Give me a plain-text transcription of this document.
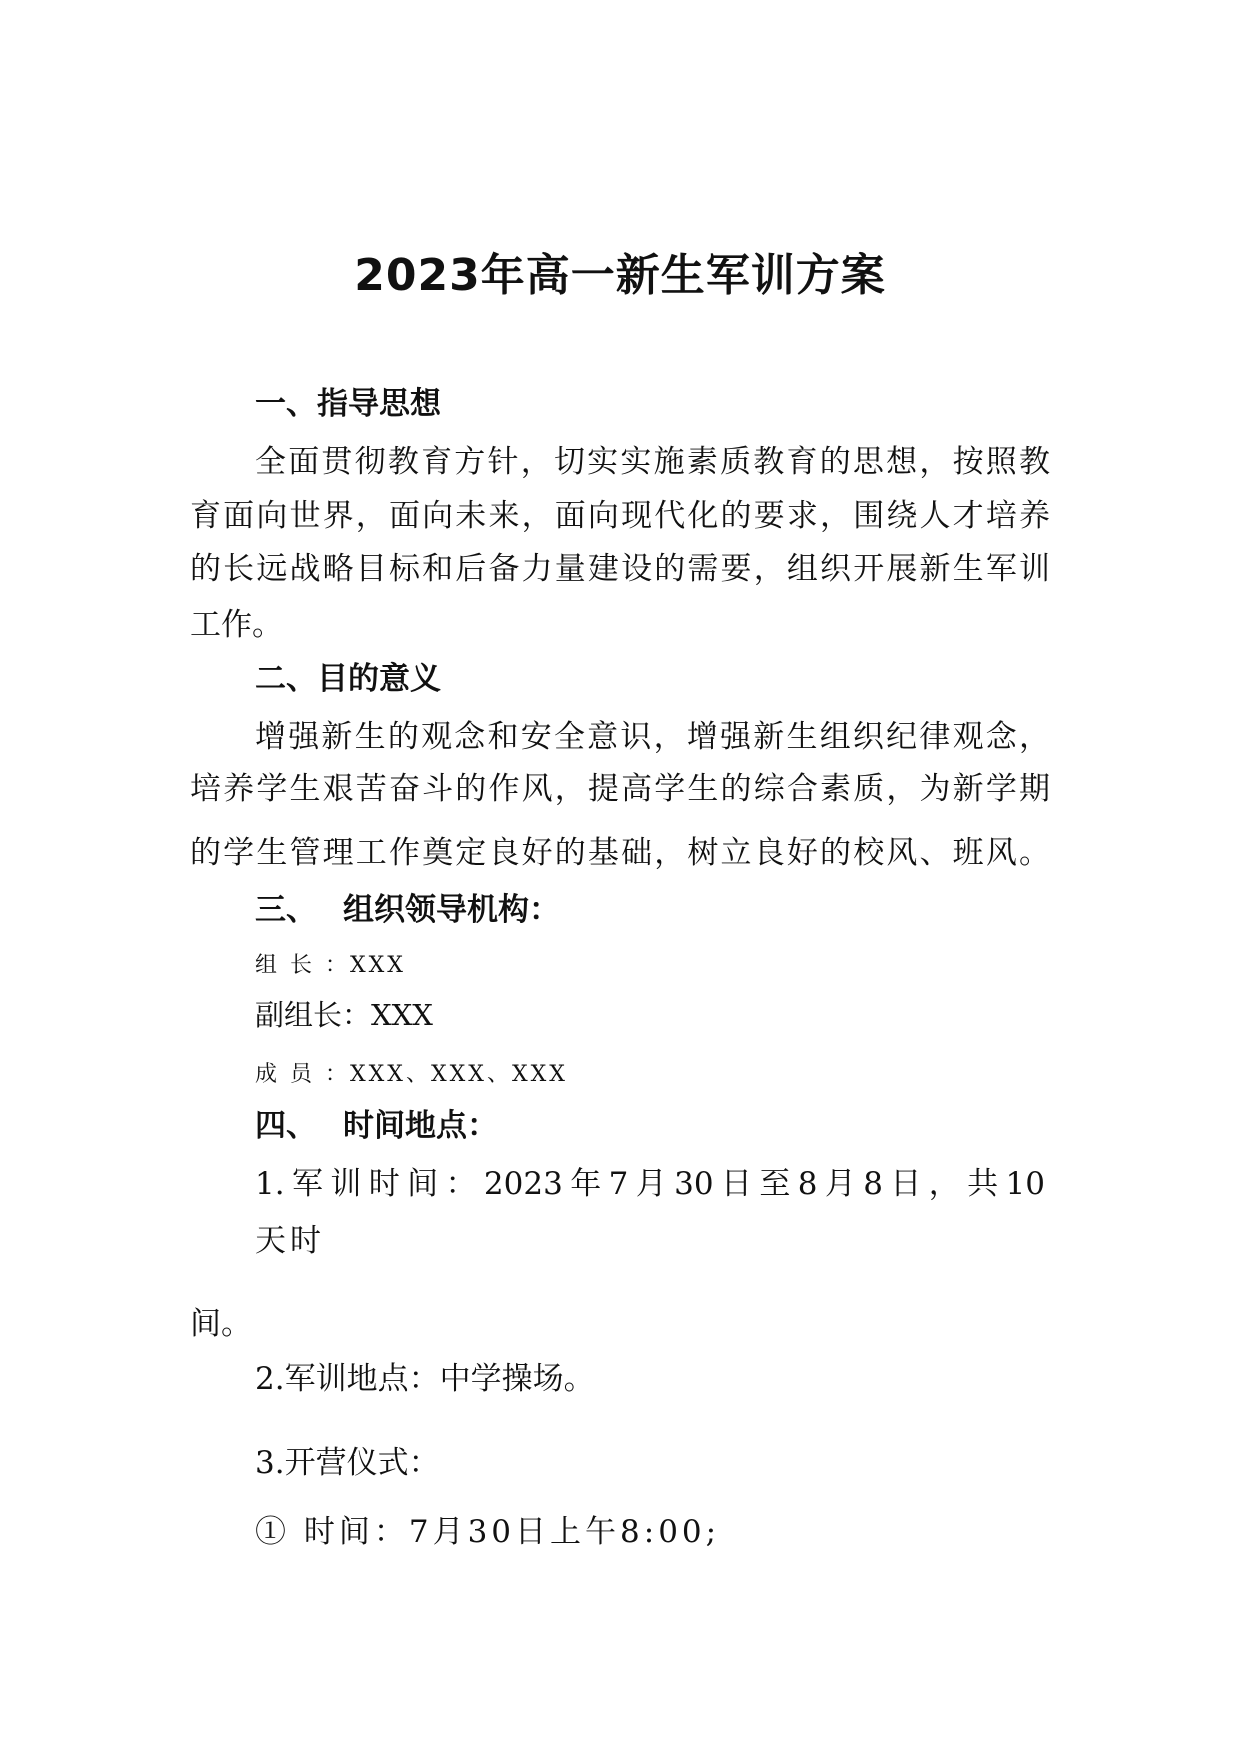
2023年高一新生军训方案
一、指导思想
全面贯彻教育方针，切实实施素质教育的思想，按照教
育面向世界，面向未来，面向现代化的要求，围绕人才培养
的长远战略目标和后备力量建设的需要，组织开展新生军训
工作。
二、目的意义
增强新生的观念和安全意识，增强新生组织纪律观念，
培养学生艰苦奋斗的作风，提高学生的综合素质，为新学期
的学生管理工作奠定良好的基础，树立良好的校风、班风。
三、 组织领导机构：
组 长 ：XXX
副组长：XXX
成 员 ：XXX、XXX、XXX
四、 时间地点：
1.军训时间：2023年7月30日至8月8日，共10
天时
间。
2.军训地点：中学操场。
3.开营仪式：
① 时间：7月30日上午8:00;
